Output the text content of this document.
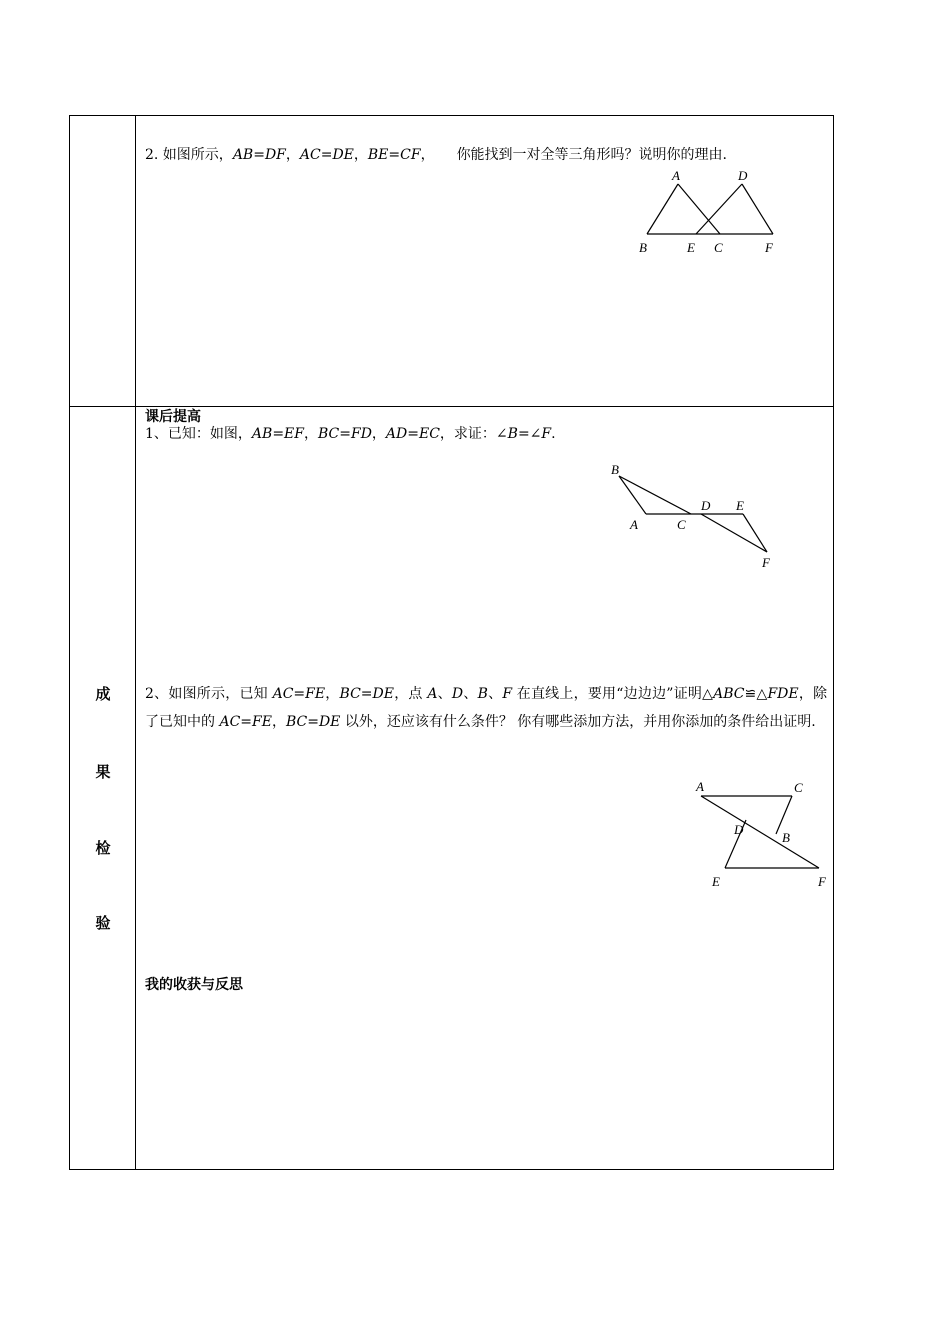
2. 如图所示，AB=DF，AC=DE，BE=CF， 你能找到一对全等三角形吗？说明你的理由.
A	D
B	E C	F
课后提高
1、已知：如图，AB=EF，BC=FD，AD=EC，求证：∠B=∠F.
B
A	C
D E
F
2、如图所示，已知 AC=FE，BC=DE，点 A、D、B、F 在直线上，要用“边边边”证明△ABC≌△FDE，除了已知中的 AC=FE，BC=DE 以外，还应该有什么条件？ 你有哪些添加方法，并用你添加的条件给出证明.
A	C
D
B
E	F
我的收获与反思
成
果
检
验
